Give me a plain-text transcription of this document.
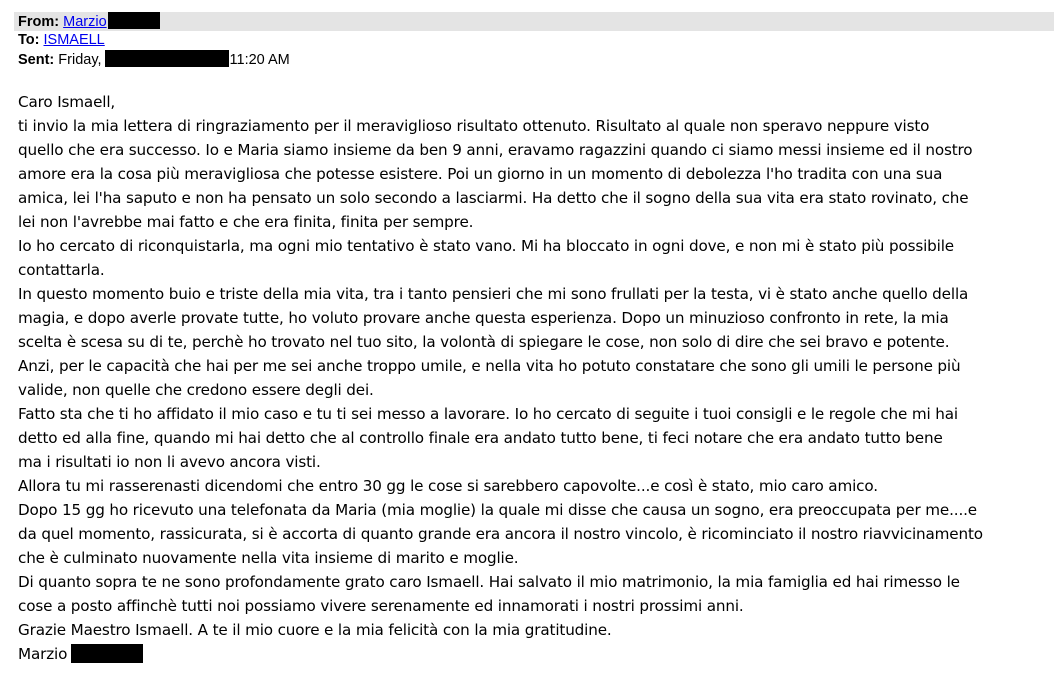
From: Marzio
To: ISMAELL
Sent: Friday,	11:20 AM
Caro Ismaell,
ti invio la mia lettera di ringraziamento per il meraviglioso risultato ottenuto. Risultato al quale non speravo neppure visto
quello che era successo. Io e Maria siamo insieme da ben 9 anni, eravamo ragazzini quando ci siamo messi insieme ed il nostro
amore era la cosa più meravigliosa che potesse esistere. Poi un giorno in un momento di debolezza l'ho tradita con una sua
amica, lei l'ha saputo e non ha pensato un solo secondo a lasciarmi. Ha detto che il sogno della sua vita era stato rovinato, che
lei non l'avrebbe mai fatto e che era finita, finita per sempre.
Io ho cercato di riconquistarla, ma ogni mio tentativo è stato vano. Mi ha bloccato in ogni dove, e non mi è stato più possibile
contattarla.
In questo momento buio e triste della mia vita, tra i tanto pensieri che mi sono frullati per la testa, vi è stato anche quello della
magia, e dopo averle provate tutte, ho voluto provare anche questa esperienza. Dopo un minuzioso confronto in rete, la mia
scelta è scesa su di te, perchè ho trovato nel tuo sito, la volontà di spiegare le cose, non solo di dire che sei bravo e potente.
Anzi, per le capacità che hai per me sei anche troppo umile, e nella vita ho potuto constatare che sono gli umili le persone più
valide, non quelle che credono essere degli dei.
Fatto sta che ti ho affidato il mio caso e tu ti sei messo a lavorare. Io ho cercato di seguite i tuoi consigli e le regole che mi hai
detto ed alla fine, quando mi hai detto che al controllo finale era andato tutto bene, ti feci notare che era andato tutto bene
ma i risultati io non li avevo ancora visti.
Allora tu mi rasserenasti dicendomi che entro 30 gg le cose si sarebbero capovolte...e così è stato, mio caro amico.
Dopo 15 gg ho ricevuto una telefonata da Maria (mia moglie) la quale mi disse che causa un sogno, era preoccupata per me....e
da quel momento, rassicurata, si è accorta di quanto grande era ancora il nostro vincolo, è ricominciato il nostro riavvicinamento
che è culminato nuovamente nella vita insieme di marito e moglie.
Di quanto sopra te ne sono profondamente grato caro Ismaell. Hai salvato il mio matrimonio, la mia famiglia ed hai rimesso le
cose a posto affinchè tutti noi possiamo vivere serenamente ed innamorati i nostri prossimi anni.
Grazie Maestro Ismaell. A te il mio cuore e la mia felicità con la mia gratitudine.
Marzio
